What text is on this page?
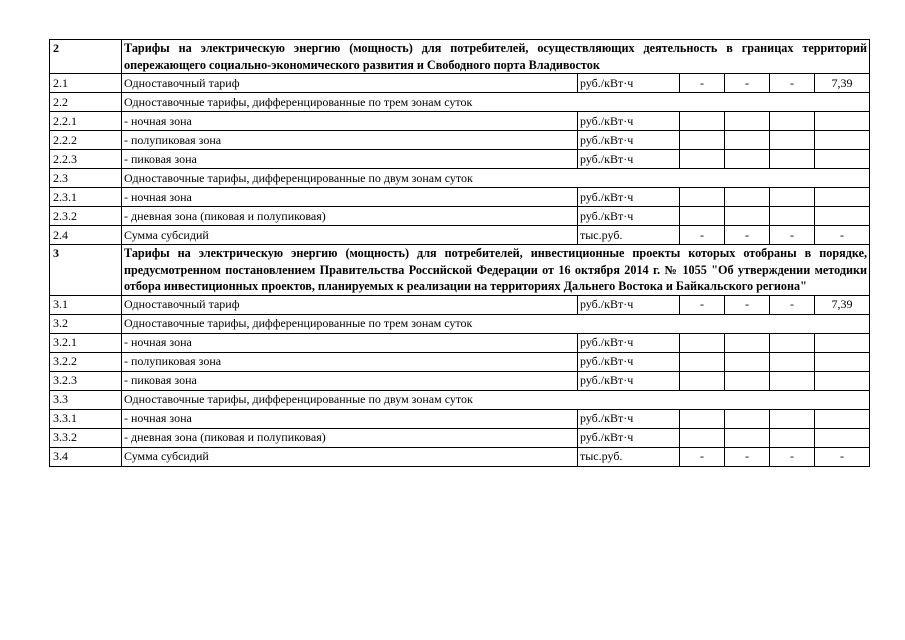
2	Тарифы на электрическую энергию (мощность) для потребителей, осуществляющих деятельность в границах территорий опережающего социально-экономического развития и Свободного порта Владивосток					
2.1	Одноставочный тариф	руб./кВт·ч	-	-	-	7,39
2.2	Одноставочные тарифы, дифференцированные по трем зонам суток					
2.2.1	- ночная зона	руб./кВт·ч				
2.2.2	- полупиковая зона	руб./кВт·ч				
2.2.3	- пиковая зона	руб./кВт·ч				
2.3	Одноставочные тарифы, дифференцированные по двум зонам суток					
2.3.1	- ночная зона	руб./кВт·ч				
2.3.2	- дневная зона (пиковая и полупиковая)	руб./кВт·ч				
2.4	Сумма субсидий	тыс.руб.	-	-	-	-
3	Тарифы на электрическую энергию (мощность) для потребителей, инвестиционные проекты которых отобраны в порядке, предусмотренном постановлением Правительства Российской Федерации от 16 октября 2014 г. № 1055 "Об утверждении методики отбора инвестиционных проектов, планируемых к реализации на территориях Дальнего Востока и Байкальского региона"					
3.1	Одноставочный тариф	руб./кВт·ч	-	-	-	7,39
3.2	Одноставочные тарифы, дифференцированные по трем зонам суток					
3.2.1	- ночная зона	руб./кВт·ч				
3.2.2	- полупиковая зона	руб./кВт·ч				
3.2.3	- пиковая зона	руб./кВт·ч				
3.3	Одноставочные тарифы, дифференцированные по двум зонам суток					
3.3.1	- ночная зона	руб./кВт·ч				
3.3.2	- дневная зона (пиковая и полупиковая)	руб./кВт·ч				
3.4	Сумма субсидий	тыс.руб.	-	-	-	-
